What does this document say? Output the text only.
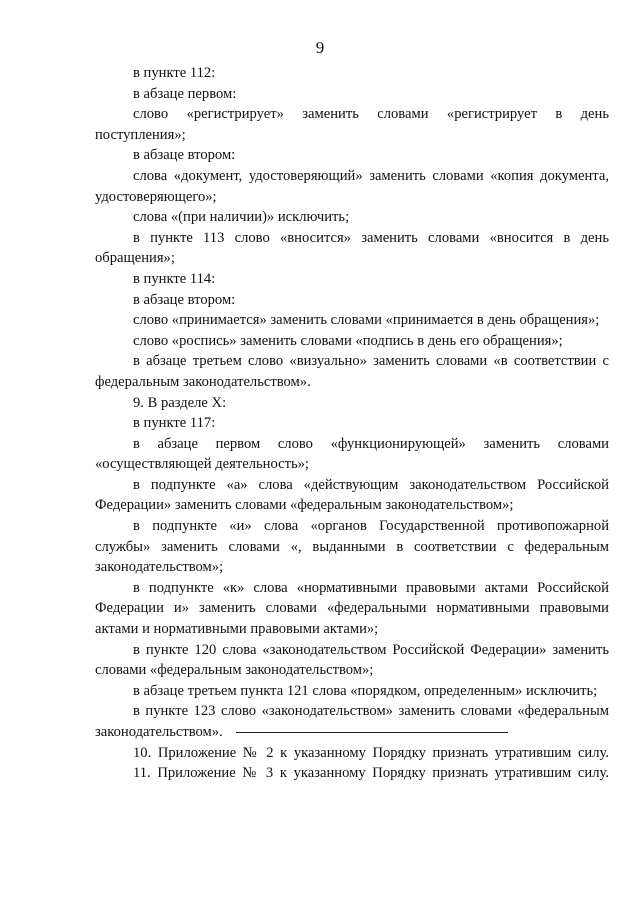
9

в пункте 112:

в абзаце первом:

слово «регистрирует» заменить словами «регистрирует в день поступления»;

в абзаце втором:

слова «документ, удостоверяющий» заменить словами «копия документа, удостоверяющего»;

слова «(при наличии)» исключить;

в пункте 113 слово «вносится» заменить словами «вносится в день обращения»;

в пункте 114:

в абзаце втором:

слово «принимается» заменить словами «принимается в день обращения»;

слово «роспись» заменить словами «подпись в день его обращения»;

в абзаце третьем слово «визуально» заменить словами «в соответствии с федеральным законодательством».

9. В разделе X:

в пункте 117:

в абзаце первом слово «функционирующей» заменить словами «осуществляющей деятельность»;

в подпункте «а» слова «действующим законодательством Российской Федерации» заменить словами «федеральным законодательством»;

в подпункте «и» слова «органов Государственной противопожарной службы» заменить словами «, выданными в соответствии с федеральным законодательством»;

в подпункте «к» слова «нормативными правовыми актами Российской Федерации и» заменить словами «федеральными нормативными правовыми актами и нормативными правовыми актами»;

в пункте 120 слова «законодательством Российской Федерации» заменить словами «федеральным законодательством»;

в абзаце третьем пункта 121 слова «порядком, определенным» исключить;

в пункте 123 слово «законодательством» заменить словами «федеральным законодательством».

10. Приложение № 2 к указанному Порядку признать утратившим силу.

11. Приложение № 3 к указанному Порядку признать утратившим силу.
